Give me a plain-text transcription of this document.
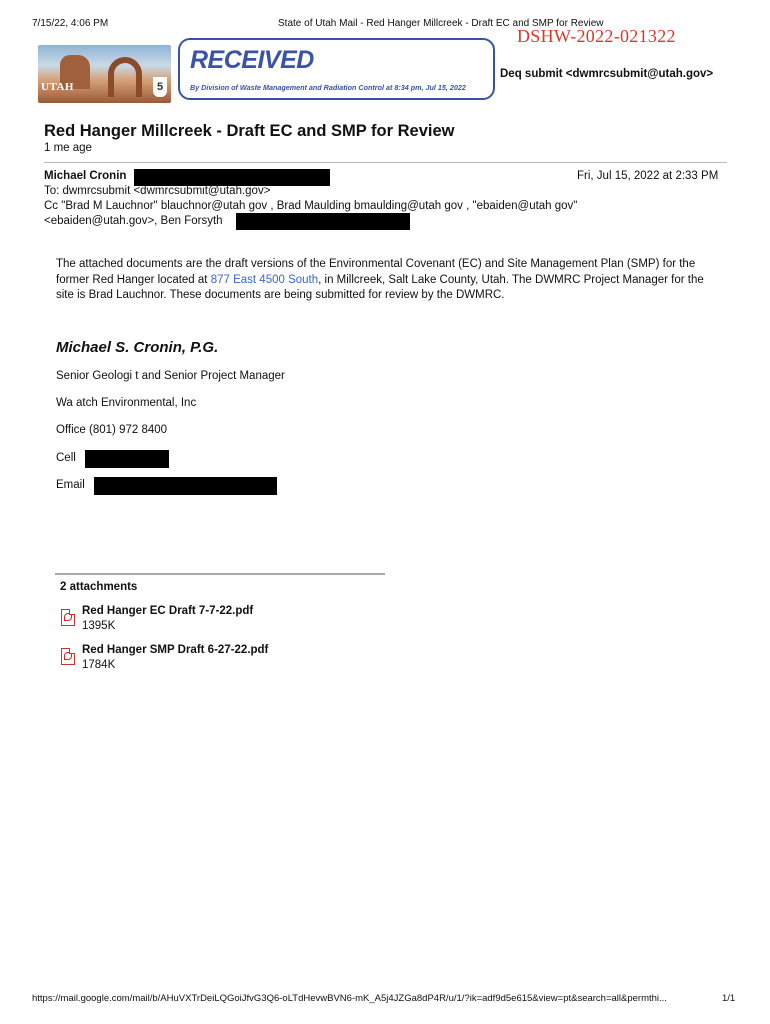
7/15/22, 4:06 PM	State of Utah Mail - Red Hanger Millcreek - Draft EC and SMP for Review
DSHW-2022-021322
UTAH	5
RECEIVED
By Division of Waste Management and Radiation Control at 8:34 pm, Jul 15, 2022
Deq submit <dwmrcsubmit@utah.gov>
Red Hanger Millcreek - Draft EC and SMP for Review
1 me age
Michael Cronin	Fri, Jul 15, 2022 at 2:33 PM
To: dwmrcsubmit <dwmrcsubmit@utah.gov>
Cc "Brad M Lauchnor" blauchnor@utah gov , Brad Maulding bmaulding@utah gov , "ebaiden@utah gov"
<ebaiden@utah.gov>, Ben Forsyth
The attached documents are the draft versions of the Environmental Covenant (EC) and Site Management Plan (SMP) for the former Red Hanger located at 877 East 4500 South, in Millcreek, Salt Lake County, Utah. The DWMRC Project Manager for the site is Brad Lauchnor. These documents are being submitted for review by the DWMRC.
Michael S. Cronin, P.G.
Senior Geologi t and Senior Project Manager
Wa atch Environmental, Inc
Office (801) 972 8400
Cell
Email
2 attachments
Red Hanger EC Draft 7-7-22.pdf
1395K
Red Hanger SMP Draft 6-27-22.pdf
1784K
https://mail.google.com/mail/b/AHuVXTrDeiLQGoiJfvG3Q6-oLTdHevwBVN6-mK_A5j4JZGa8dP4R/u/1/?ik=adf9d5e615&view=pt&search=all&permthi...	1/1
